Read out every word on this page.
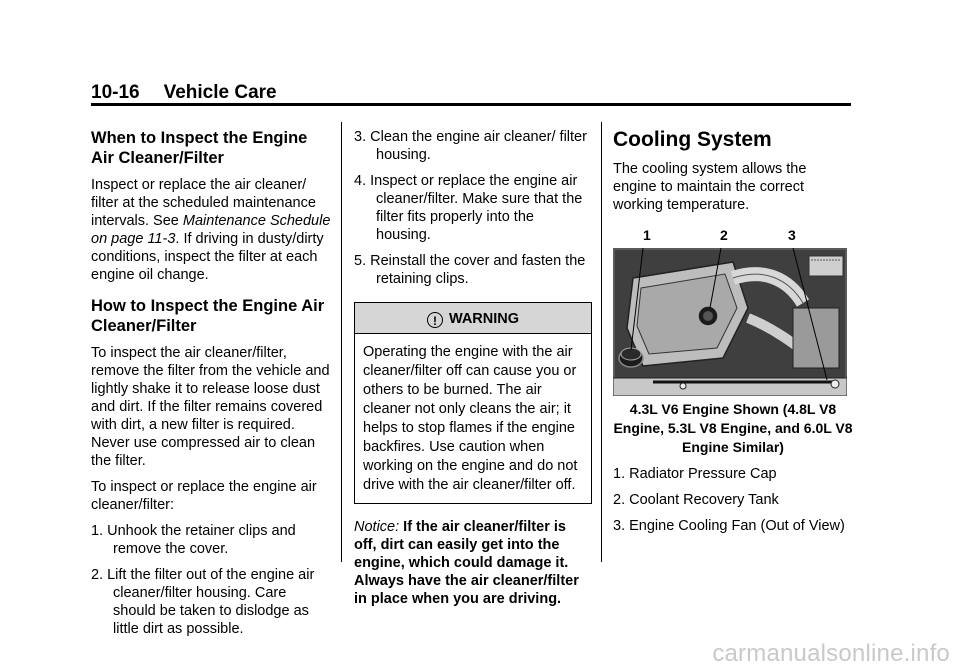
10-16 Vehicle Care
When to Inspect the Engine Air Cleaner/Filter

Inspect or replace the air cleaner/ filter at the scheduled maintenance intervals. See Maintenance Schedule on page 11-3. If driving in dusty/dirty conditions, inspect the filter at each engine oil change.

How to Inspect the Engine Air Cleaner/Filter

To inspect the air cleaner/filter, remove the filter from the vehicle and lightly shake it to release loose dust and dirt. If the filter remains covered with dirt, a new filter is required. Never use compressed air to clean the filter.

To inspect or replace the engine air cleaner/filter:

1. Unhook the retainer clips and remove the cover.
2. Lift the filter out of the engine air cleaner/filter housing. Care should be taken to dislodge as little dirt as possible.
3. Clean the engine air cleaner/ filter housing.
4. Inspect or replace the engine air cleaner/filter. Make sure that the filter fits properly into the housing.
5. Reinstall the cover and fasten the retaining clips.
! WARNING
Operating the engine with the air cleaner/filter off can cause you or others to be burned. The air cleaner not only cleans the air; it helps to stop flames if the engine backfires. Use caution when working on the engine and do not drive with the air cleaner/filter off.

Notice: If the air cleaner/filter is off, dirt can easily get into the engine, which could damage it. Always have the air cleaner/filter in place when you are driving.

Cooling System

The cooling system allows the engine to maintain the correct working temperature.

1	2	3
4.3L V6 Engine Shown (4.8L V8 Engine, 5.3L V8 Engine, and 6.0L V8 Engine Similar)
1. Radiator Pressure Cap
2. Coolant Recovery Tank
3. Engine Cooling Fan (Out of View)
carmanualsonline.info
